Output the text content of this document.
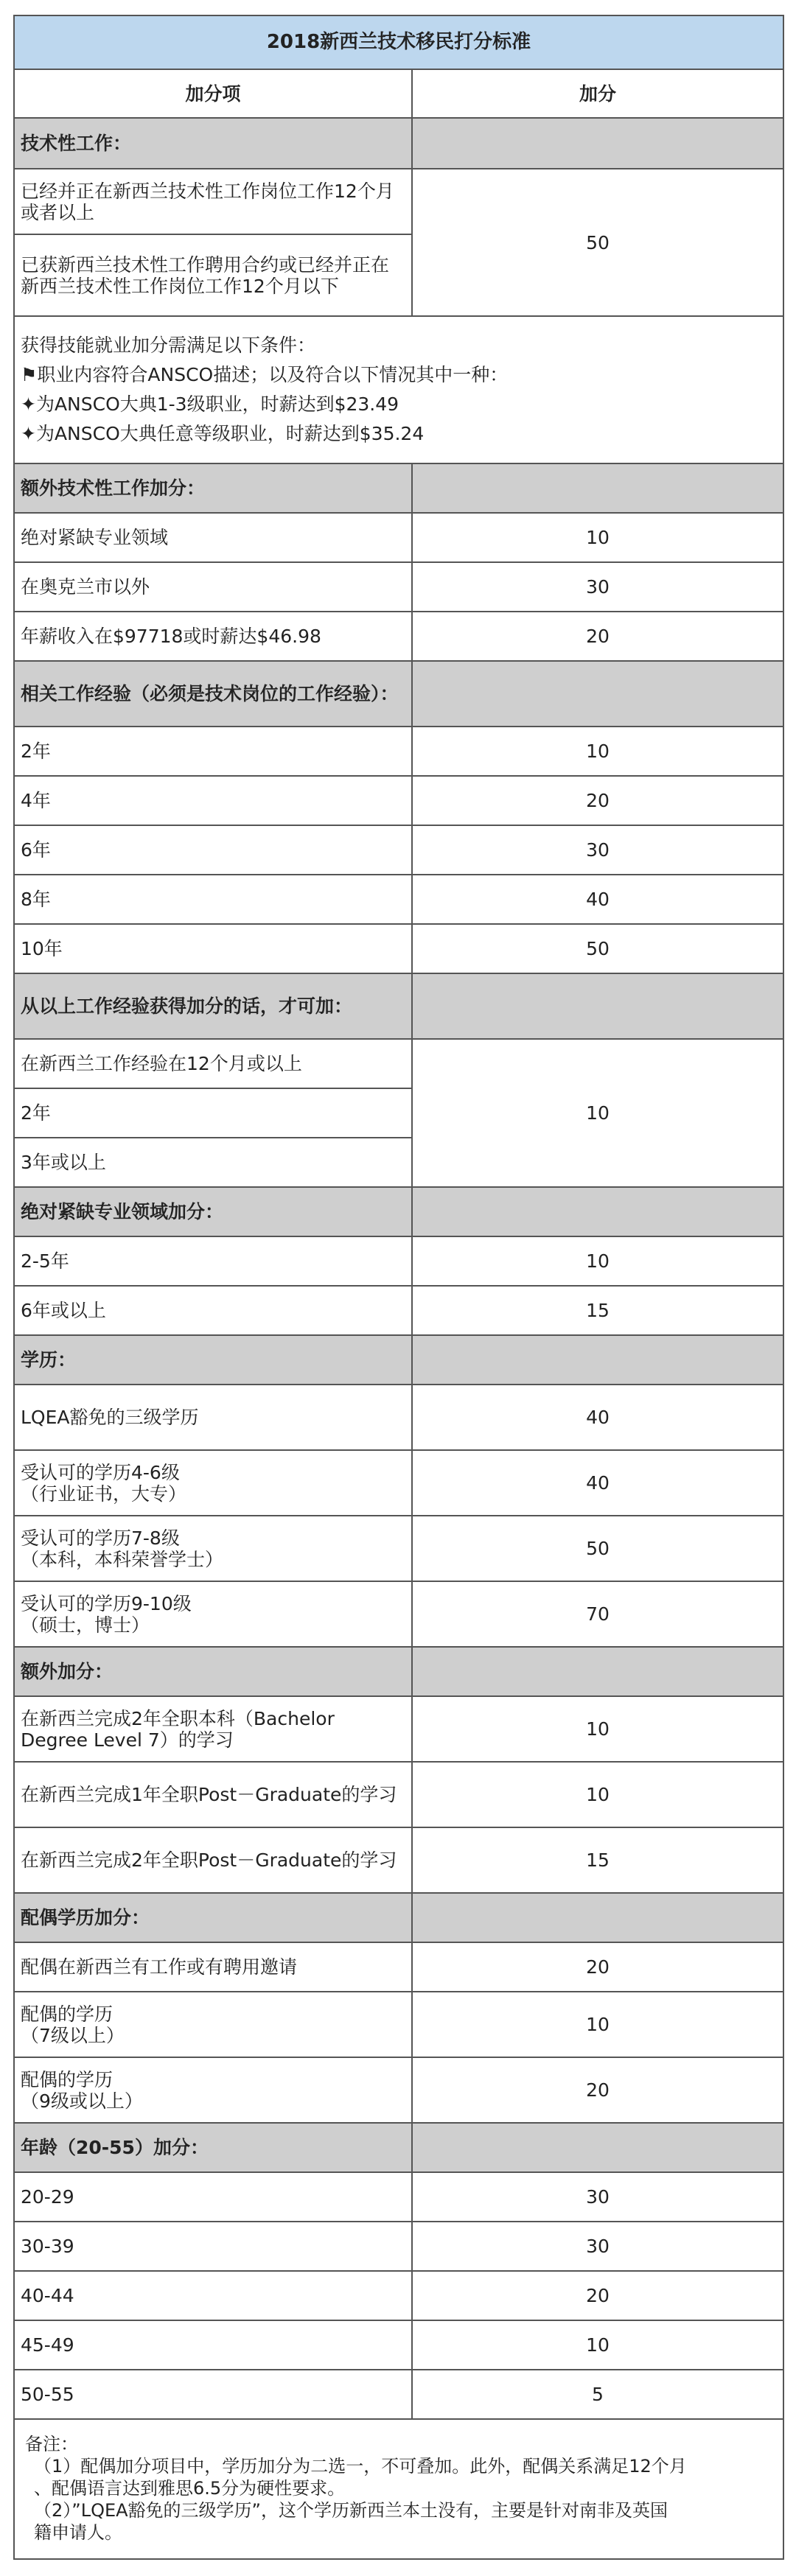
2018新西兰技术移民打分标准	
加分项	加分
技术性工作：	
已经并正在新西兰技术性工作岗位工作12个月或者以上	50
已获新西兰技术性工作聘用合约或已经并正在新西兰技术性工作岗位工作12个月以下	

获得技能就业加分需满足以下条件：
⚑职业内容符合ANSCO描述；以及符合以下情况其中一种：
✦为ANSCO大典1-3级职业，时薪达到$23.49
✦为ANSCO大典任意等级职业，时薪达到$35.24	

额外技术性工作加分：	
绝对紧缺专业领域	10
在奥克兰市以外	30
年薪收入在$97718或时薪达$46.98	20
相关工作经验（必须是技术岗位的工作经验）：	
2年	10
4年	20
6年	30
8年	40
10年	50
从以上工作经验获得加分的话，才可加：	
在新西兰工作经验在12个月或以上	10
2年	
3年或以上	
绝对紧缺专业领域加分：	
2-5年	10
6年或以上	15
学历：	
LQEA豁免的三级学历	40

受认可的学历4-6级
（行业证书，大专）	40

受认可的学历7-8级
（本科，本科荣誉学士）	50

受认可的学历9-10级
（硕士，博士）	70
额外加分：	
在新西兰完成2年全职本科（Bachelor Degree Level 7）的学习	10
在新西兰完成1年全职Post－Graduate的学习	10
在新西兰完成2年全职Post－Graduate的学习	15
配偶学历加分：	
配偶在新西兰有工作或有聘用邀请	20

配偶的学历
（7级以上）	10

配偶的学历
（9级或以上）	20
年龄（20-55）加分：	
20-29	30
30-39	30
40-44	20
45-49	10
50-55	5

备注：
（1）配偶加分项目中，学历加分为二选一，不可叠加。此外，配偶关系满足12个月
、配偶语言达到雅思6.5分为硬性要求。
（2）”LQEA豁免的三级学历”，这个学历新西兰本土没有，主要是针对南非及英国
籍申请人。	
